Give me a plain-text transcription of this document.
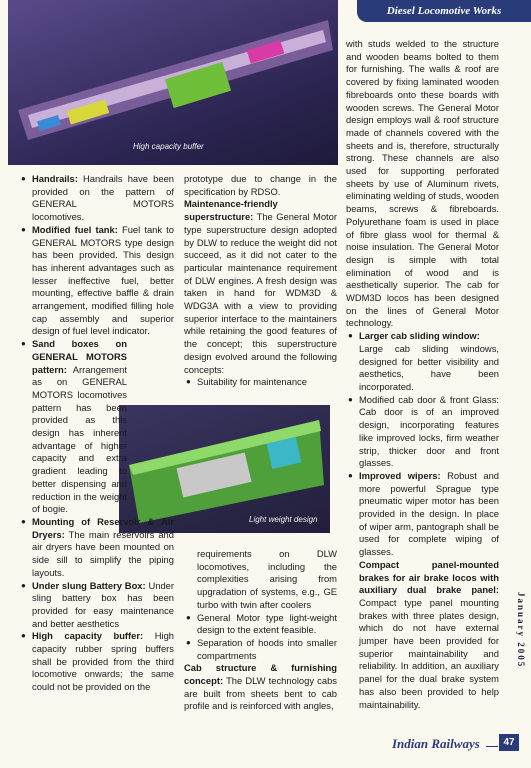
Diesel Locomotive Works
High capacity buffer
Light weight design

● Handrails: Handrails have been provided on the pattern of GENERAL MOTORS locomotives.

● Modified fuel tank: Fuel tank to GENERAL MOTORS type design has been provided. This design has inherent advantages such as lesser ineffective fuel, better mounting, effective baffle & drain arrangement, modified filling hole cap assembly and superior design of fuel level indicator.

● Sand boxes on GENERAL MOTORS pattern: Arrangement as on GENERAL MOTORS locomotives pattern has been provided as this design has inherent advantage of higher capacity and extra gradient leading to better dispensing and reduction in the weight of bogie.

● Mounting of Reservoir & Air Dryers: The main reservoirs and air dryers have been mounted on side sill to simplify the piping layouts.

● Under slung Battery Box: Under sling battery box has been provided for easy maintenance and better aesthetics

● High capacity buffer: High capacity rubber spring buffers shall be provided from the third locomotive onwards; the same could not be provided on the

prototype due to change in the specification by RDSO.

Maintenance-friendly superstructure: The General Motor type superstructure design adopted by DLW to reduce the weight did not succeed, as it did not cater to the particular maintenance requirement of DLW engines. A fresh design was taken in hand for WDM3D & WDG3A with a view to providing superior interface to the maintainers while retaining the good features of the concept; this superstructure design evolved around the following concepts:

● Suitability for maintenance

requirements on DLW locomotives, including the complexities arising from upgradation of systems, e.g., GE turbo with twin after coolers

● General Motor type light-weight design to the extent feasible.

● Separation of hoods into smaller compartments

Cab structure & furnishing concept: The DLW technology cabs are built from sheets bent to cab profile and is reinforced with angles,

with studs welded to the structure and wooden beams bolted to them for furnishing. The walls & roof are covered by fixing laminated wooden fibreboards onto these boards with wooden screws. The General Motor design employs wall & roof structure made of channels covered with the sheets and is, therefore, structurally strong. These channels are also used for supporting perforated sheets by use of Aluminum rivets, eliminating welding of studs, wooden beams, screws & fibreboards. Polyurethane foam is used in place of fibre glass wool for thermal & noise insulation. The General Motor design is simple with total elimination of wood and is aesthetically superior. The cab for WDM3D locos has been designed on the lines of General Motor technology.

● Larger cab sliding window:

Large cab sliding windows, designed for better visibility and aesthetics, have been incorporated.

● Modified cab door & front Glass: Cab door is of an improved design, incorporating features like improved locks, firm weather strip, thicker door and front glasses.

● Improved wipers: Robust and more powerful Sprague type pneumatic wiper motor has been provided in the design. In place of wiper arm, pantograph shall be used for complete wiping of glasses.

Compact panel-mounted brakes for air brake locos with auxiliary dual brake panel: Compact type panel mounting brakes with three plates design, which do not have external jumper have been provided for superior maintainability and reliability. In addition, an auxiliary panel for the dual brake system has also been provided to help maintainability.

January 2005
Indian Railways	47
